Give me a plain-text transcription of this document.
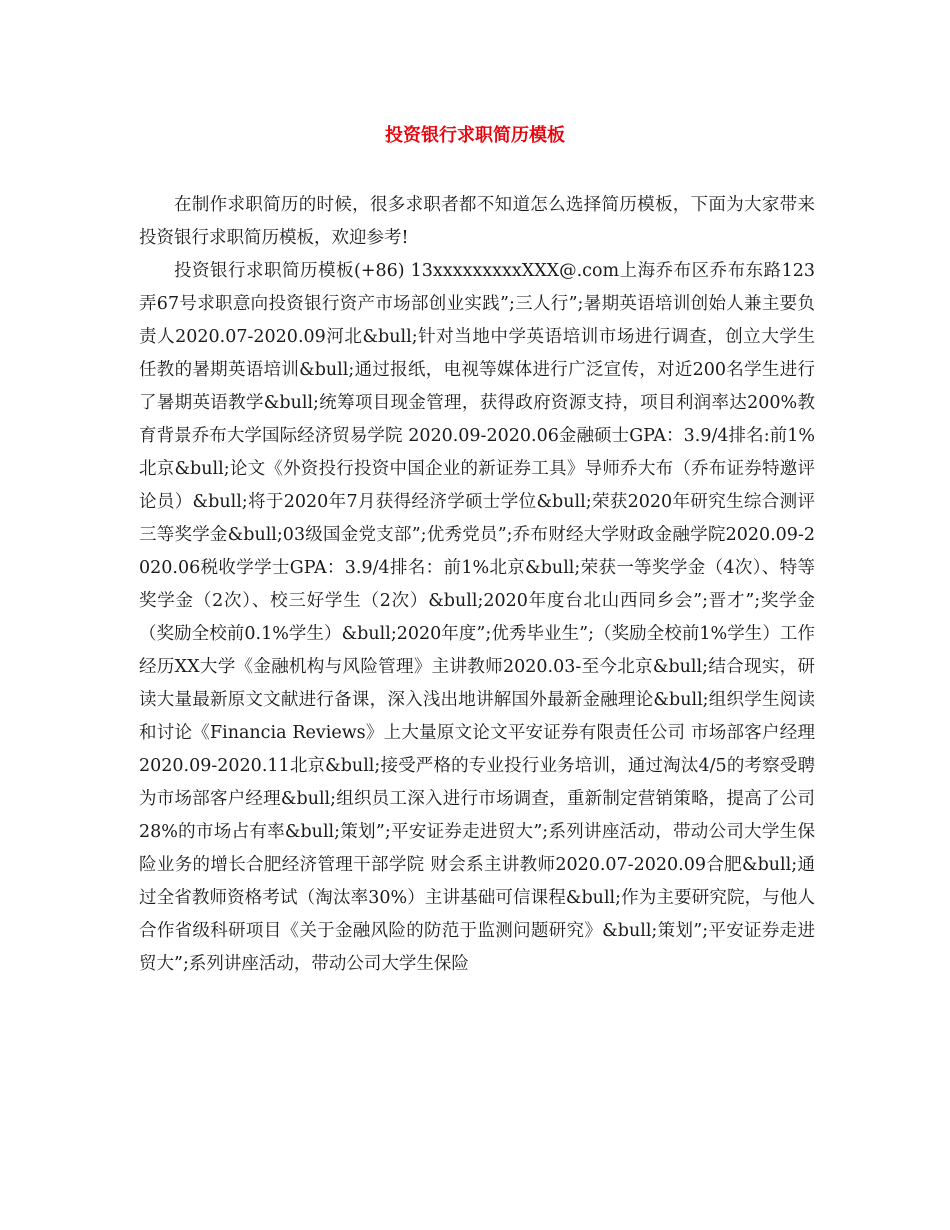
投资银行求职简历模板

在制作求职简历的时候，很多求职者都不知道怎么选择简历模板，下面为大家带来投资银行求职简历模板，欢迎参考!

投资银行求职简历模板(+86) 13xxxxxxxxxXXX@.com上海乔布区乔布东路123弄67号求职意向投资银行资产市场部创业实践”;三人行”;暑期英语培训创始人兼主要负责人2020.07-2020.09河北&bull;针对当地中学英语培训市场进行调查，创立大学生任教的暑期英语培训&bull;通过报纸，电视等媒体进行广泛宣传，对近200名学生进行了暑期英语教学&bull;统筹项目现金管理，获得政府资源支持，项目利润率达200%教育背景乔布大学国际经济贸易学院 2020.09-2020.06金融硕士GPA：3.9/4排名:前1%北京&bull;论文《外资投行投资中国企业的新证券工具》导师乔大布（乔布证券特邀评论员）&bull;将于2020年7月获得经济学硕士学位&bull;荣获2020年研究生综合测评三等奖学金&bull;03级国金党支部”;优秀党员”;乔布财经大学财政金融学院2020.09-2020.06税收学学士GPA：3.9/4排名：前1%北京&bull;荣获一等奖学金（4次）、特等奖学金（2次）、校三好学生（2次）&bull;2020年度台北山西同乡会”;晋才”;奖学金（奖励全校前0.1%学生）&bull;2020年度”;优秀毕业生”;（奖励全校前1%学生）工作经历XX大学《金融机构与风险管理》主讲教师2020.03-至今北京&bull;结合现实，研读大量最新原文文献进行备课，深入浅出地讲解国外最新金融理论&bull;组织学生阅读和讨论《Financia Reviews》上大量原文论文平安证券有限责任公司 市场部客户经理2020.09-2020.11北京&bull;接受严格的专业投行业务培训，通过淘汰4/5的考察受聘为市场部客户经理&bull;组织员工深入进行市场调查，重新制定营销策略，提高了公司28%的市场占有率&bull;策划”;平安证券走进贸大”;系列讲座活动，带动公司大学生保险业务的增长合肥经济管理干部学院 财会系主讲教师2020.07-2020.09合肥&bull;通过全省教师资格考试（淘汰率30%）主讲基础可信课程&bull;作为主要研究院，与他人合作省级科研项目《关于金融风险的防范于监测问题研究》&bull;策划”;平安证券走进贸大”;系列讲座活动，带动公司大学生保险
